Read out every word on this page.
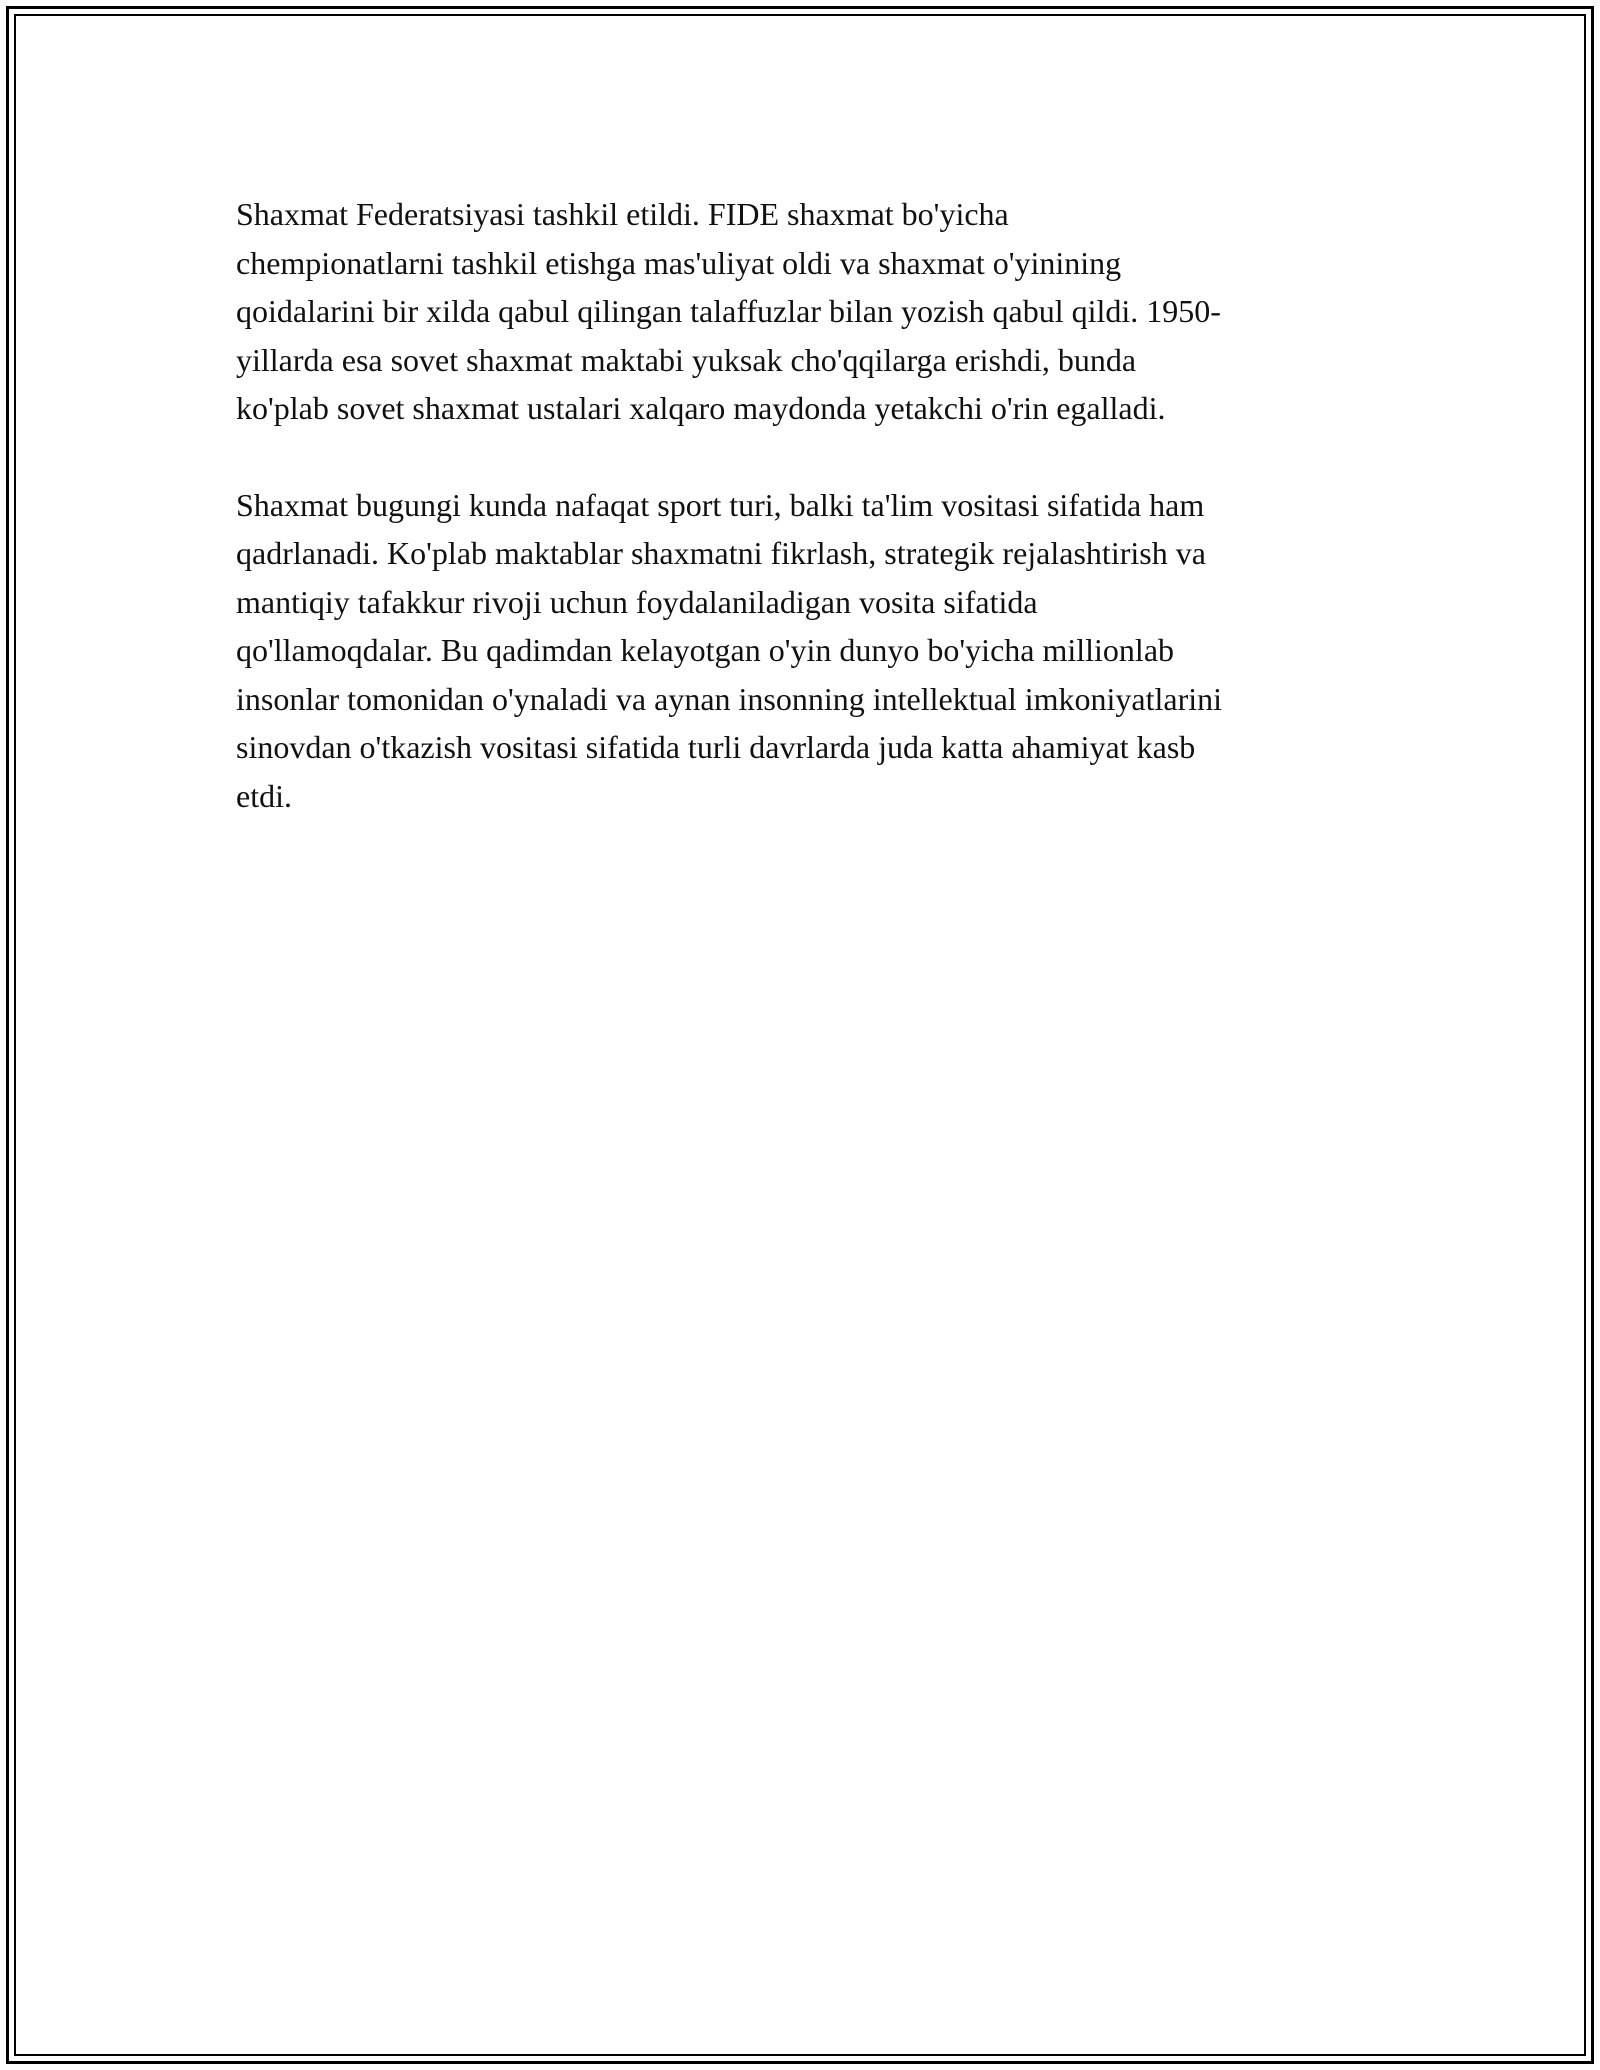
Shaxmat Federatsiyasi tashkil etildi. FIDE shaxmat bo'yicha
chempionatlarni tashkil etishga mas'uliyat oldi va shaxmat o'yinining
qoidalarini bir xilda qabul qilingan talaffuzlar bilan yozish qabul qildi. 1950-
yillarda esa sovet shaxmat maktabi yuksak cho'qqilarga erishdi, bunda
ko'plab sovet shaxmat ustalari xalqaro maydonda yetakchi o'rin egalladi.

Shaxmat bugungi kunda nafaqat sport turi, balki ta'lim vositasi sifatida ham
qadrlanadi. Ko'plab maktablar shaxmatni fikrlash, strategik rejalashtirish va
mantiqiy tafakkur rivoji uchun foydalaniladigan vosita sifatida
qo'llamoqdalar. Bu qadimdan kelayotgan o'yin dunyo bo'yicha millionlab
insonlar tomonidan o'ynaladi va aynan insonning intellektual imkoniyatlarini
sinovdan o'tkazish vositasi sifatida turli davrlarda juda katta ahamiyat kasb
etdi.
